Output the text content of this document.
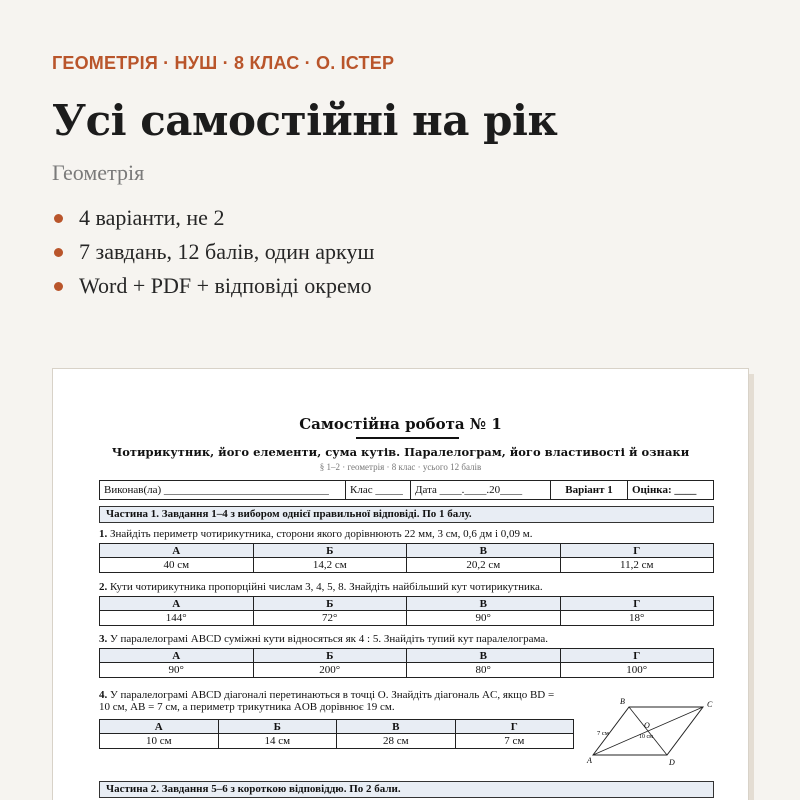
ГЕОМЕТРІЯ · НУШ · 8 КЛАС · О. ІСТЕР
Усі самостійні на рік
Геометрія
4 варіанти, не 2
7 завдань, 12 балів, один аркуш
Word + PDF + відповіді окремо
Самостійна робота № 1
Чотирикутник, його елементи, сума кутів. Паралелограм, його властивості й ознаки
§ 1–2 · геометрія · 8 клас · усього 12 балів
Виконав(ла) ______________________________	Клас _____	Дата ____.____.20____	Варіант 1	Оцінка: ____
Частина 1. Завдання 1–4 з вибором однієї правильної відповіді. По 1 балу.
1. Знайдіть периметр чотирикутника, сторони якого дорівнюють 22 мм, 3 см, 0,6 дм і 0,09 м.
А	Б	В	Г
40 см	14,2 см	20,2 см	11,2 см
2. Кути чотирикутника пропорційні числам 3, 4, 5, 8. Знайдіть найбільший кут чотирикутника.
А	Б	В	Г
144°	72°	90°	18°
3. У паралелограмі ABCD суміжні кути відносяться як 4 : 5. Знайдіть тупий кут паралелограма.
А	Б	В	Г
90°	200°	80°	100°
4. У паралелограмі ABCD діагоналі перетинаються в точці O. Знайдіть діагональ AC, якщо BD =
10 см, AB = 7 см, а периметр трикутника AOB дорівнює 19 см.
А	Б	В	Г
10 см	14 см	28 см	7 см
A
B	C
D
O
7 см	10 см
Частина 2. Завдання 5–6 з короткою відповіддю. По 2 бали.
